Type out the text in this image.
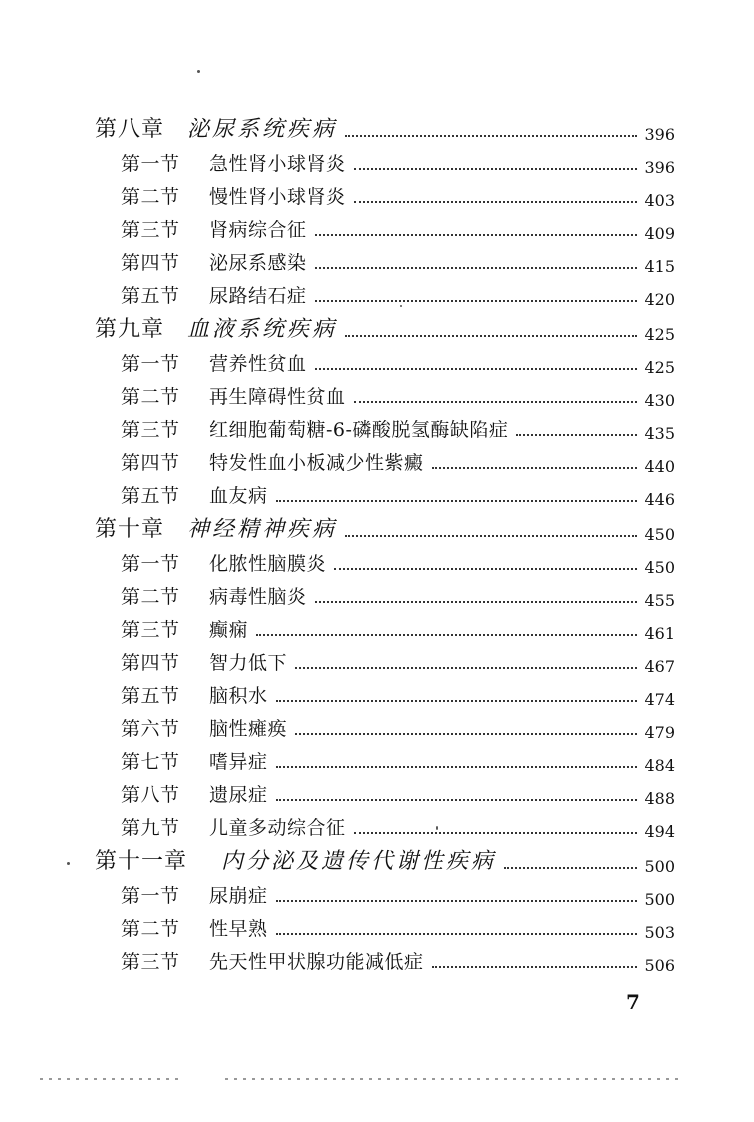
第八章	泌尿系统疾病	396
第一节	急性肾小球肾炎	396
第二节	慢性肾小球肾炎	403
第三节	肾病综合征	409
第四节	泌尿系感染	415
第五节	尿路结石症	420
第九章	血液系统疾病	425
第一节	营养性贫血	425
第二节	再生障碍性贫血	430
第三节	红细胞葡萄糖-6-磷酸脱氢酶缺陷症	435
第四节	特发性血小板减少性紫癜	440
第五节	血友病	446
第十章	神经精神疾病	450
第一节	化脓性脑膜炎	450
第二节	病毒性脑炎	455
第三节	癫痫	461
第四节	智力低下	467
第五节	脑积水	474
第六节	脑性瘫痪	479
第七节	嗜异症	484
第八节	遗尿症	488
第九节	儿童多动综合征	494
第十一章	内分泌及遗传代谢性疾病	500
第一节	尿崩症	500
第二节	性早熟	503
第三节	先天性甲状腺功能减低症	506
7
